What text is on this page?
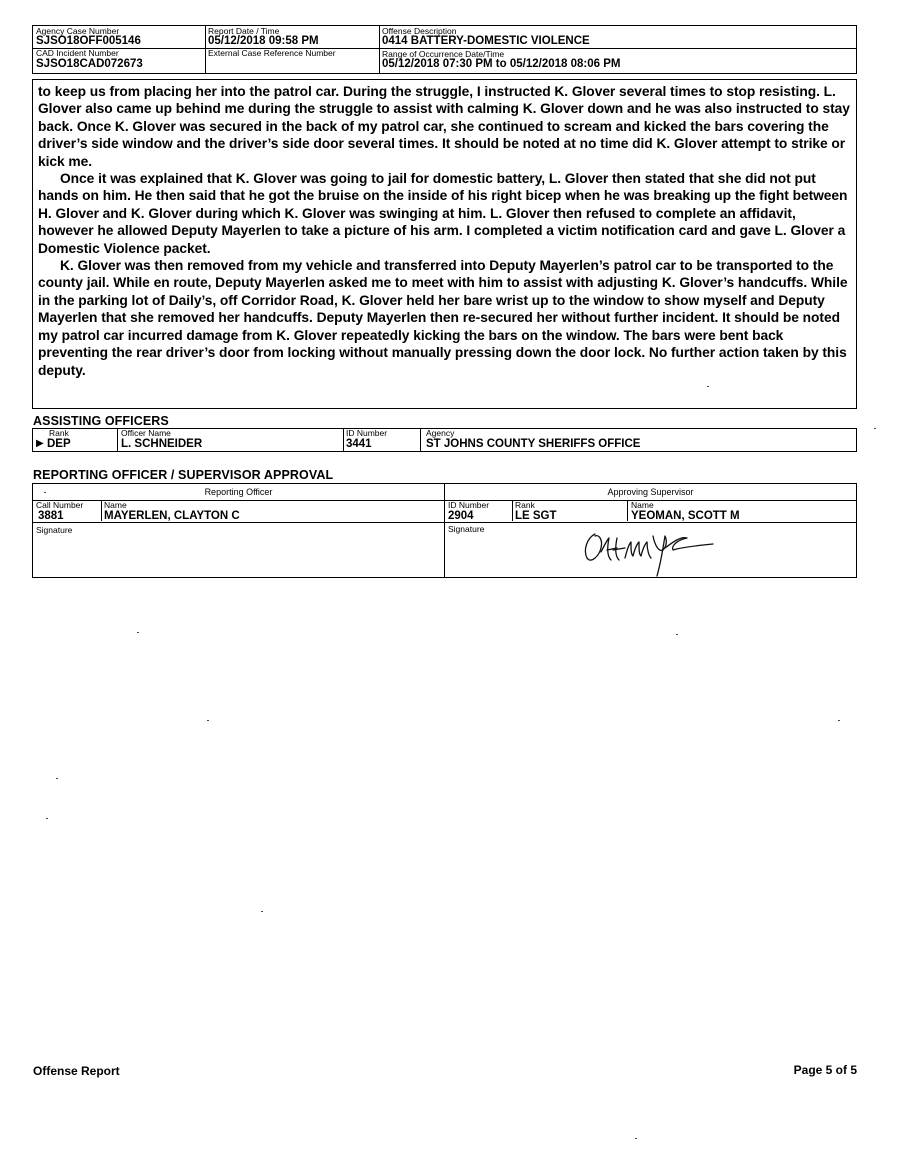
Agency Case Number
SJSO18OFF005146
Report Date / Time
05/12/2018 09:58 PM
Offense Description
0414 BATTERY-DOMESTIC VIOLENCE
CAD Incident Number
SJSO18CAD072673
External Case Reference Number	Range of Occurrence Date/Time
05/12/2018 07:30 PM to 05/12/2018 08:06 PM

to keep us from placing her into the patrol car. During the struggle, I instructed K. Glover several times to stop resisting. L. Glover also came up behind me during the struggle to assist with calming K. Glover down and he was also instructed to stay back. Once K. Glover was secured in the back of my patrol car, she continued to scream and kicked the bars covering the driver’s side window and the driver’s side door several times. It should be noted at no time did K. Glover attempt to strike or kick me.

Once it was explained that K. Glover was going to jail for domestic battery, L. Glover then stated that she did not put hands on him. He then said that he got the bruise on the inside of his right bicep when he was breaking up the fight between H. Glover and K. Glover during which K. Glover was swinging at him. L. Glover then refused to complete an affidavit, however he allowed Deputy Mayerlen to take a picture of his arm. I completed a victim notification card and gave L. Glover a Domestic Violence packet.

K. Glover was then removed from my vehicle and transferred into Deputy Mayerlen’s patrol car to be transported to the county jail. While en route, Deputy Mayerlen asked me to meet with him to assist with adjusting K. Glover’s handcuffs. While in the parking lot of Daily’s, off Corridor Road, K. Glover held her bare wrist up to the window to show myself and Deputy Mayerlen that she removed her handcuffs. Deputy Mayerlen then re-secured her without further incident. It should be noted my patrol car incurred damage from K. Glover repeatedly kicking the bars on the window. The bars were bent back preventing the rear driver’s door from locking without manually pressing down the door lock. No further action taken by this deputy.

ASSISTING OFFICERS
Rank
▶ DEP
Officer Name
L. SCHNEIDER
ID Number
3441
Agency
ST JOHNS COUNTY SHERIFFS OFFICE
REPORTING OFFICER / SUPERVISOR APPROVAL
Reporting Officer
Call Number
3881
Name
MAYERLEN, CLAYTON C
Signature
Approving Supervisor
ID Number
2904
Rank
LE SGT
Name
YEOMAN, SCOTT M
Signature
Offense Report	Page 5 of 5
